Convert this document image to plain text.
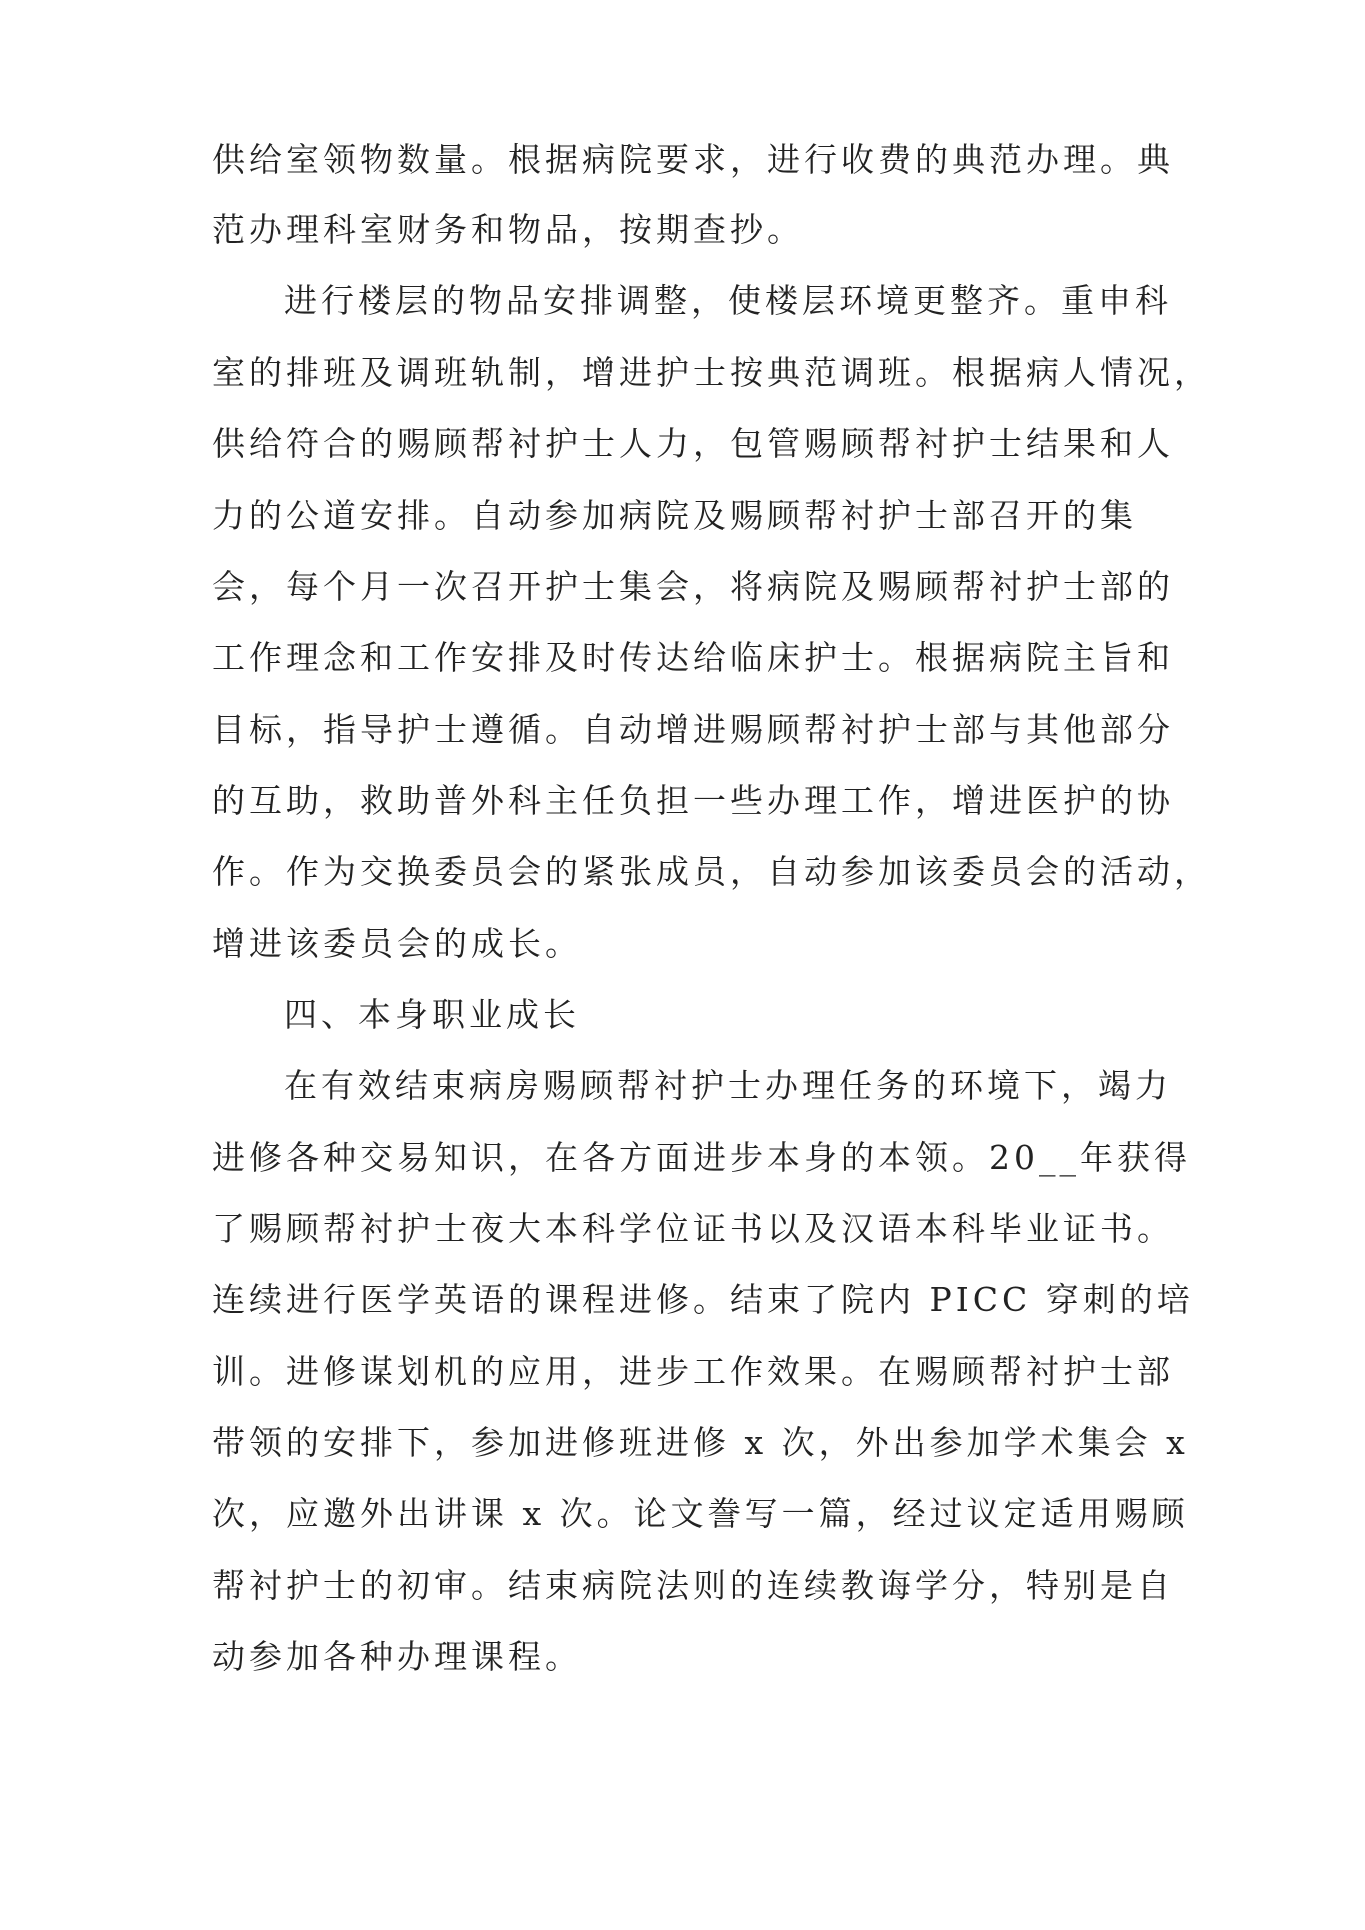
供给室领物数量。根据病院要求，进行收费的典范办理。典
范办理科室财务和物品，按期查抄。
进行楼层的物品安排调整，使楼层环境更整齐。重申科
室的排班及调班轨制，增进护士按典范调班。根据病人情况，
供给符合的赐顾帮衬护士人力，包管赐顾帮衬护士结果和人
力的公道安排。自动参加病院及赐顾帮衬护士部召开的集
会，每个月一次召开护士集会，将病院及赐顾帮衬护士部的
工作理念和工作安排及时传达给临床护士。根据病院主旨和
目标，指导护士遵循。自动增进赐顾帮衬护士部与其他部分
的互助，救助普外科主任负担一些办理工作，增进医护的协
作。作为交换委员会的紧张成员，自动参加该委员会的活动，
增进该委员会的成长。
四、本身职业成长
在有效结束病房赐顾帮衬护士办理任务的环境下，竭力
进修各种交易知识，在各方面进步本身的本领。20__年获得
了赐顾帮衬护士夜大本科学位证书以及汉语本科毕业证书。
连续进行医学英语的课程进修。结束了院内 PICC 穿刺的培
训。进修谋划机的应用，进步工作效果。在赐顾帮衬护士部
带领的安排下，参加进修班进修 x 次，外出参加学术集会 x
次，应邀外出讲课 x 次。论文誊写一篇，经过议定适用赐顾
帮衬护士的初审。结束病院法则的连续教诲学分，特别是自
动参加各种办理课程。
